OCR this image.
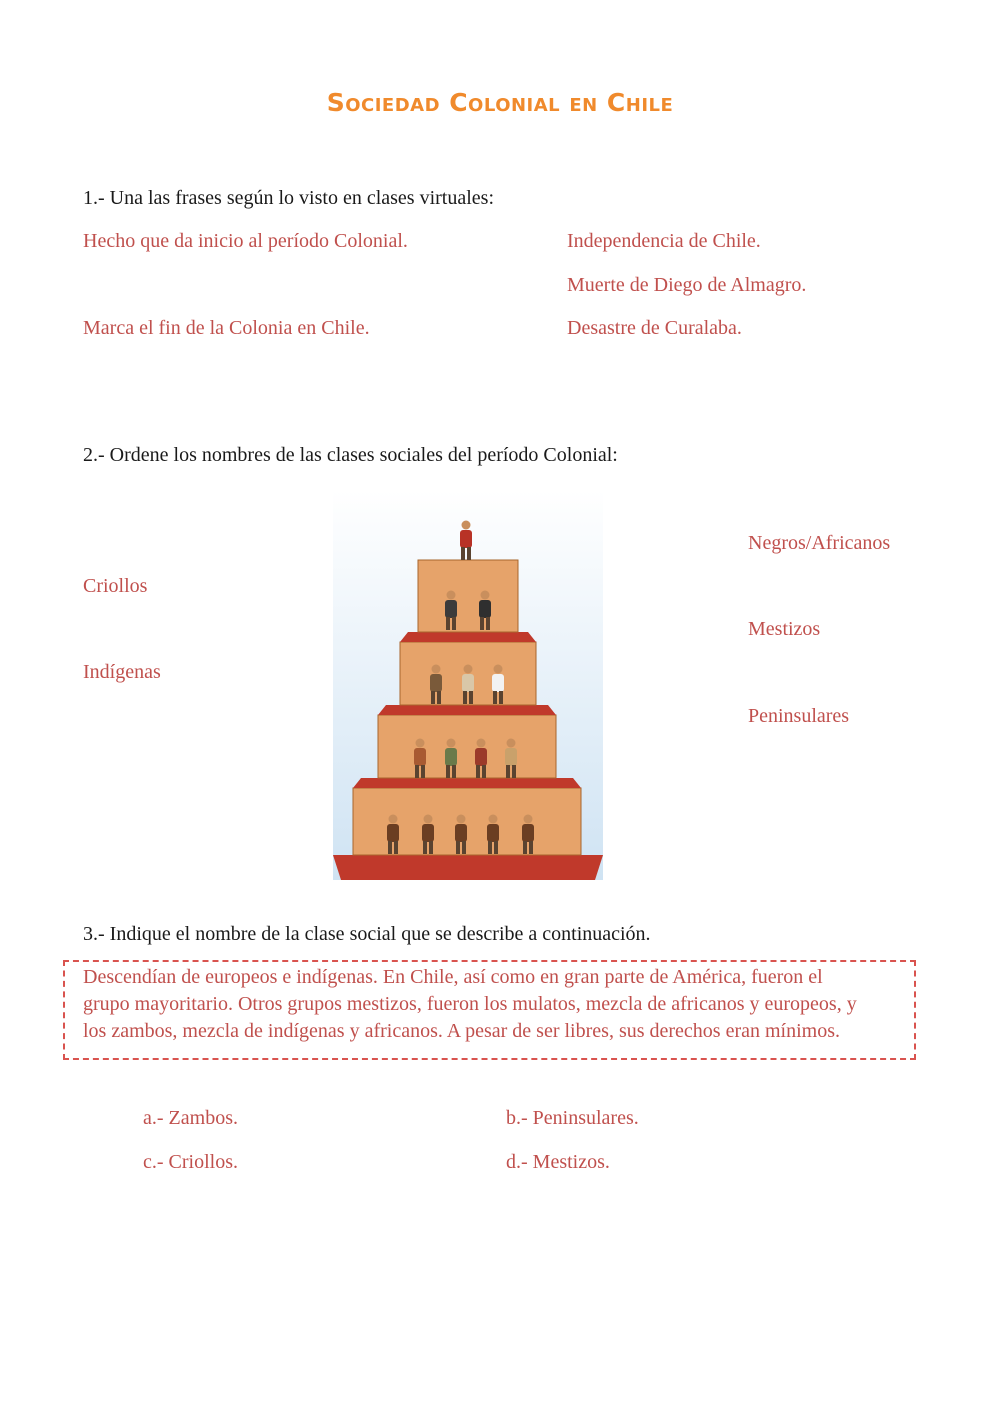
Sociedad Colonial en Chile
1.- Una las frases según lo visto en clases virtuales:
Hecho que da inicio al período Colonial.
Marca el fin de la Colonia en Chile.
Independencia de Chile.
Muerte de Diego de Almagro.
Desastre de Curalaba.
2.- Ordene los nombres de las clases sociales del período Colonial:
Criollos
Indígenas
Negros/Africanos
Mestizos
Peninsulares
3.- Indique el nombre de la clase social que se describe a continuación.
Descendían de europeos e indígenas. En Chile, así como en gran parte de América, fueron el
grupo mayoritario. Otros grupos mestizos, fueron los mulatos, mezcla de africanos y europeos, y
los zambos, mezcla de indígenas y africanos. A pesar de ser libres, sus derechos eran mínimos.
a.- Zambos.	b.- Peninsulares.
c.- Criollos.	d.- Mestizos.
